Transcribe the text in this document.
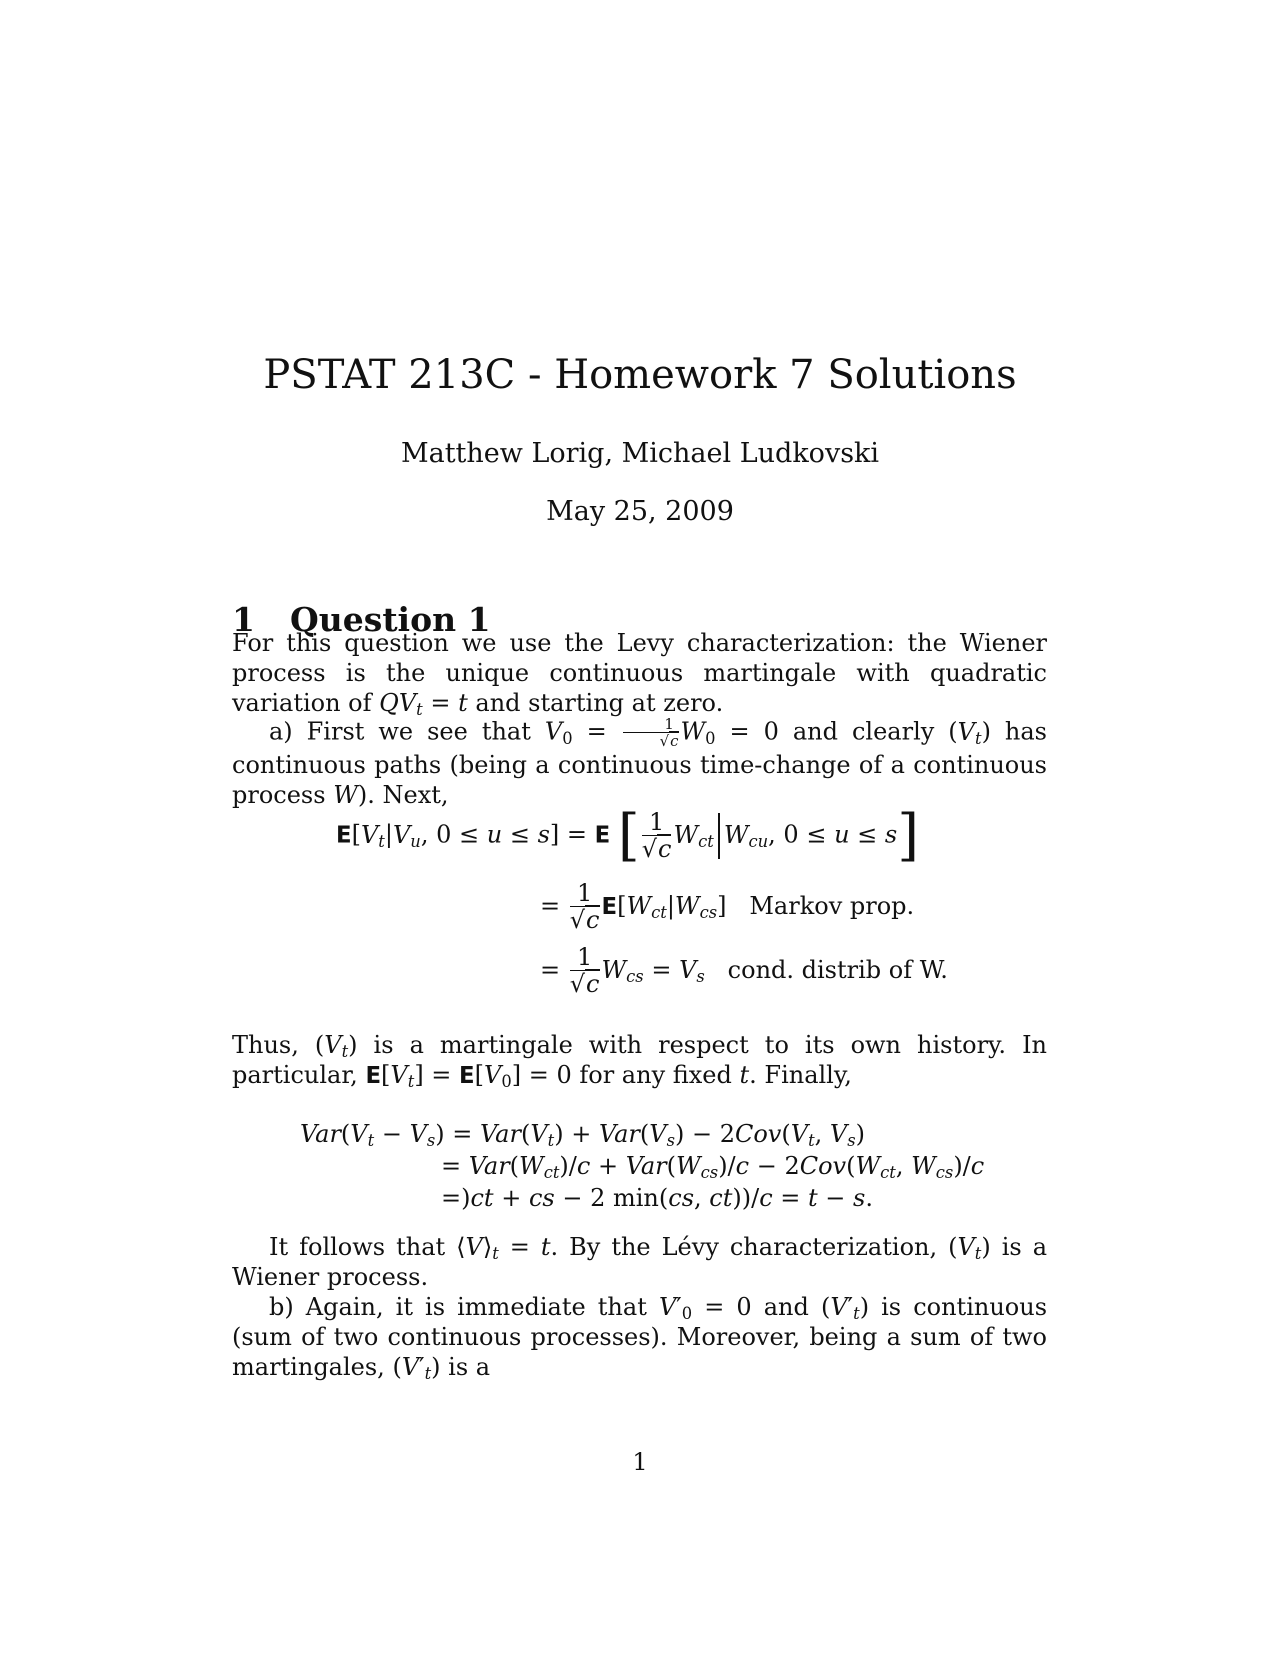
PSTAT 213C - Homework 7 Solutions
Matthew Lorig, Michael Ludkovski
May 25, 2009
1 Question 1
For this question we use the Levy characterization: the Wiener process is the unique continuous martingale with quadratic variation of $QV_t = t$ and starting at zero.
a) First we see that $V_0 = \frac{1}{√c} W_0 = 0$ and clearly $(V_t)$ has continuous paths (being a continuous time-change of a continuous process W). Next,
$E[V_t|V_u$, 0 ≤ u ≤ s] = E [ $\frac{1}{√c} W_{ct}$ $W_{cu}$, 0 ≤ u ≤ s]
= $\frac{1}{√c} E[W_{ct}|W_{cs}]$   Markov prop.
= $\frac{1}{√c} W_{cs} = V_s$ cond. distrib of W.
Thus, $(V_t)$ is a martingale with respect to its own history. In particular, $E[V_t] = E[V_0] = 0$ for any fixed t. Finally,
$Var(V_t - V_s) = Var(V_t) + Var(V_s) - 2Cov(V_t$, $V_s$)
= $Var(W_{ct})/c + Var(W_{cs})/c - 2Cov(W_{ct}$, $W_{cs})/c$
=)ct + cs − 2 min(cs, ct))/c = t − s.
It follows that $⟨V⟩_t = t$. By the Lévy characterization, $(V_t)$ is a Wiener process.
b) Again, it is immediate that $V'_0 = 0$ and $(V'_t)$ is continuous (sum of two continuous processes). Moreover, being a sum of two martingales, $(V'_t)$ is a
1
